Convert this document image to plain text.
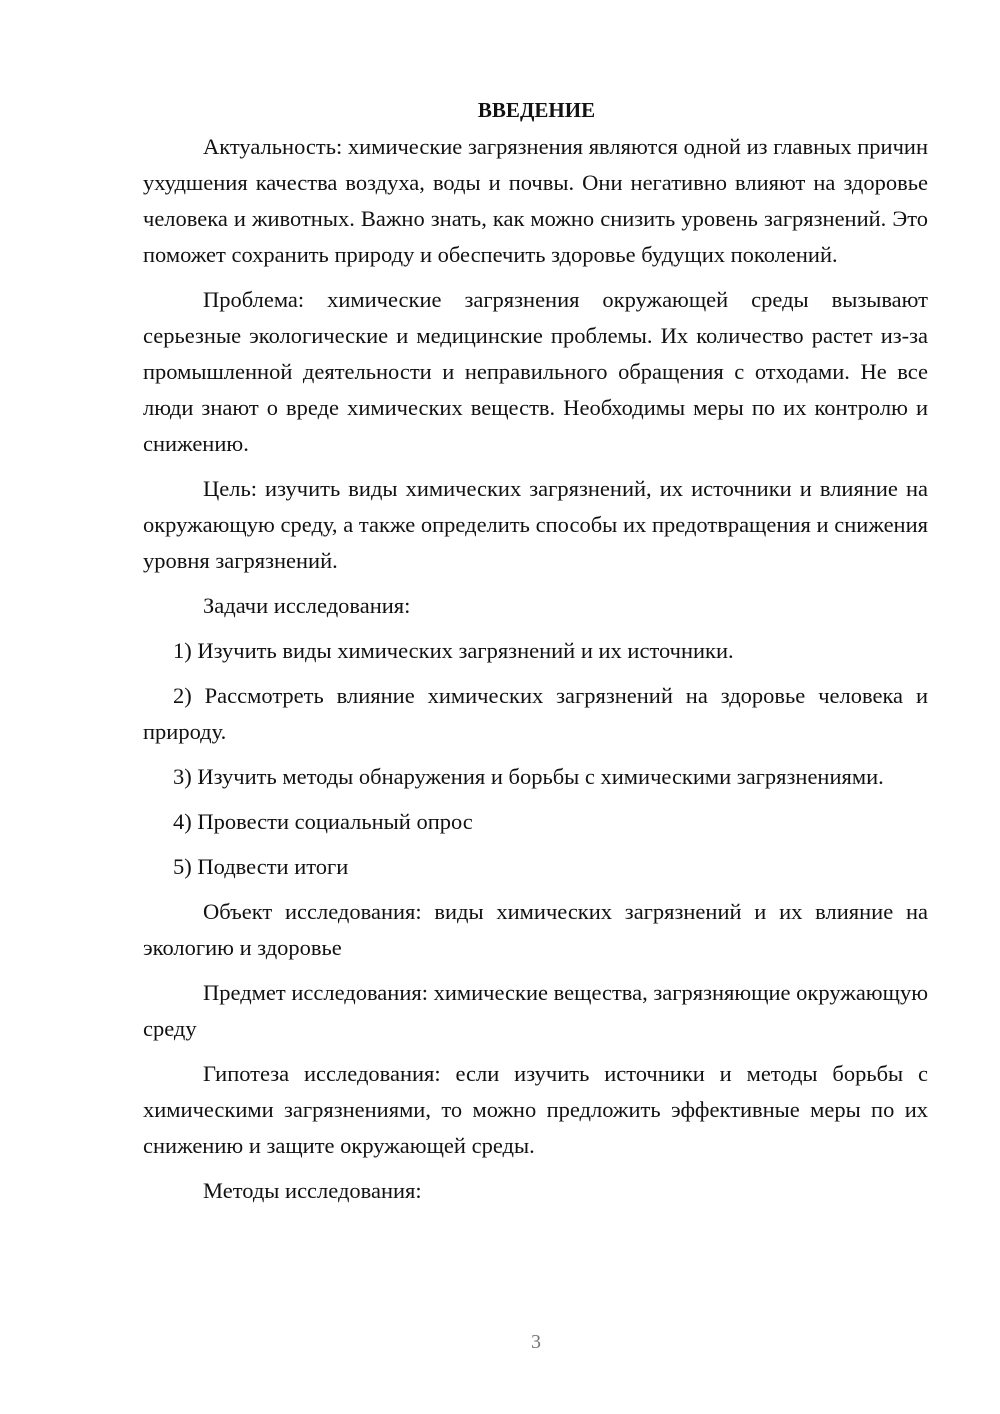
ВВЕДЕНИЕ
Актуальность: химические загрязнения являются одной из главных причин ухудшения качества воздуха, воды и почвы. Они негативно влияют на здоровье человека и животных. Важно знать, как можно снизить уровень загрязнений. Это поможет сохранить природу и обеспечить здоровье будущих поколений.
Проблема: химические загрязнения окружающей среды вызывают серьезные экологические и медицинские проблемы. Их количество растет из-за промышленной деятельности и неправильного обращения с отходами. Не все люди знают о вреде химических веществ. Необходимы меры по их контролю и снижению.
Цель: изучить виды химических загрязнений, их источники и влияние на окружающую среду, а также определить способы их предотвращения и снижения уровня загрязнений.
Задачи исследования:
1) Изучить виды химических загрязнений и их источники.
2) Рассмотреть влияние химических загрязнений на здоровье человека и природу.
3) Изучить методы обнаружения и борьбы с химическими загрязнениями.
4) Провести социальный опрос
5) Подвести итоги
Объект исследования: виды химических загрязнений и их влияние на экологию и здоровье
Предмет исследования: химические вещества, загрязняющие окружающую среду
Гипотеза исследования: если изучить источники и методы борьбы с химическими загрязнениями, то можно предложить эффективные меры по их снижению и защите окружающей среды.
Методы исследования:
3
